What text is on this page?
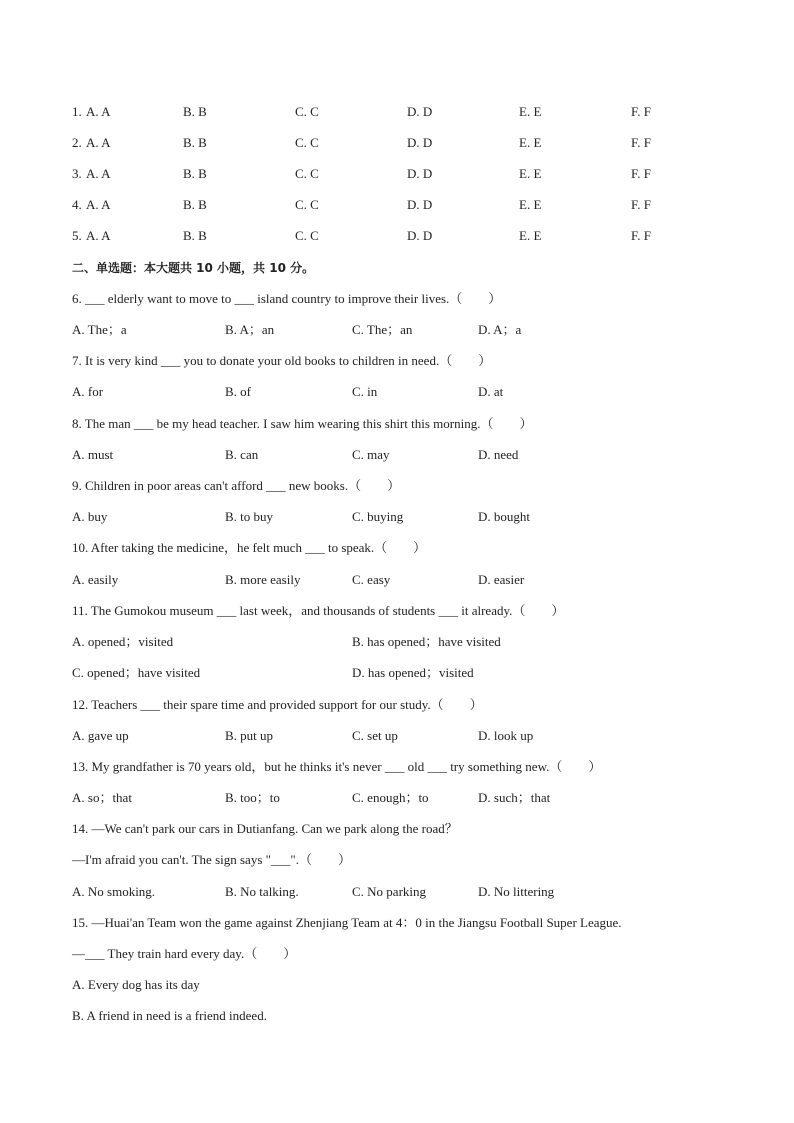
1. A. A	B. B	C. C	D. D	E. E	F. F
2. A. A	B. B	C. C	D. D	E. E	F. F
3. A. A	B. B	C. C	D. D	E. E	F. F
4. A. A	B. B	C. C	D. D	E. E	F. F
5. A. A	B. B	C. C	D. D	E. E	F. F
二、单选题：本大题共 10 小题，共 10 分。
6. ___ elderly want to move to ___ island country to improve their lives.（　　）
A. The；a	B. A；an	C. The；an	D. A；a
7. It is very kind ___ you to donate your old books to children in need.（　　）
A. for	B. of	C. in	D. at
8. The man ___ be my head teacher. I saw him wearing this shirt this morning.（　　）
A. must	B. can	C. may	D. need
9. Children in poor areas can't afford ___ new books.（　　）
A. buy	B. to buy	C. buying	D. bought
10. After taking the medicine，he felt much ___ to speak.（　　）
A. easily	B. more easily	C. easy	D. easier
11. The Gumokou museum ___ last week，and thousands of students ___ it already.（　　）
A. opened；visited	B. has opened；have visited
C. opened；have visited	D. has opened；visited
12. Teachers ___ their spare time and provided support for our study.（　　）
A. gave up	B. put up	C. set up	D. look up
13. My grandfather is 70 years old，but he thinks it's never ___ old ___ try something new.（　　）
A. so；that	B. too；to	C. enough；to	D. such；that
14. —We can't park our cars in Dutianfang. Can we park along the road？
—I'm afraid you can't. The sign says "___".（　　）
A. No smoking.	B. No talking.	C. No parking	D. No littering
15. —Huai'an Team won the game against Zhenjiang Team at 4：0 in the Jiangsu Football Super League.
—___ They train hard every day.（　　）
A. Every dog has its day
B. A friend in need is a friend indeed.
